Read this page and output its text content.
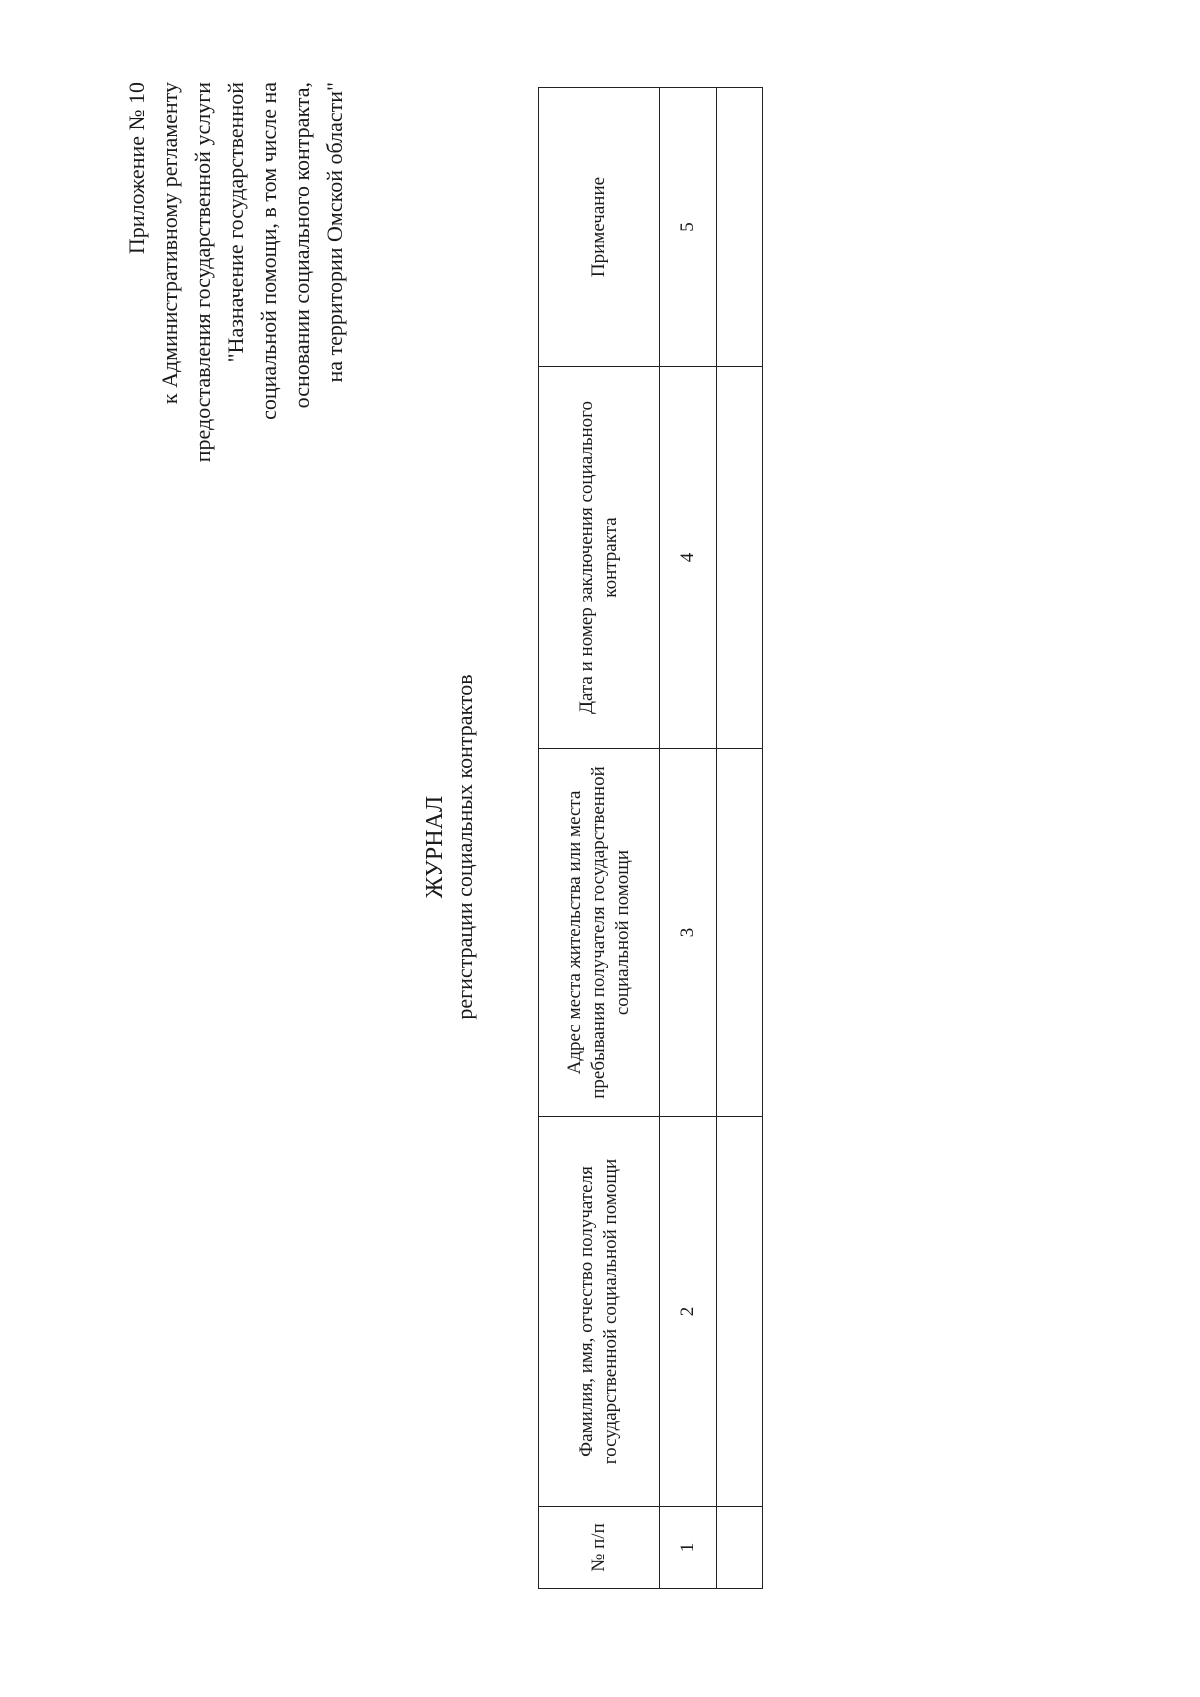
Приложение № 10 к Административному регламенту предоставления государственной услуги "Назначение государственной социальной помощи, в том числе на основании социального контракта, на территории Омской области"
ЖУРНАЛ регистрации социальных контрактов
№ п/п	Фамилия, имя, отчество получателя государственной социальной помощи	Адрес места жительства или места пребывания получателя государственной социальной помощи	Дата и номер заключения социального контракта	Примечание
1	2	3	4	5
